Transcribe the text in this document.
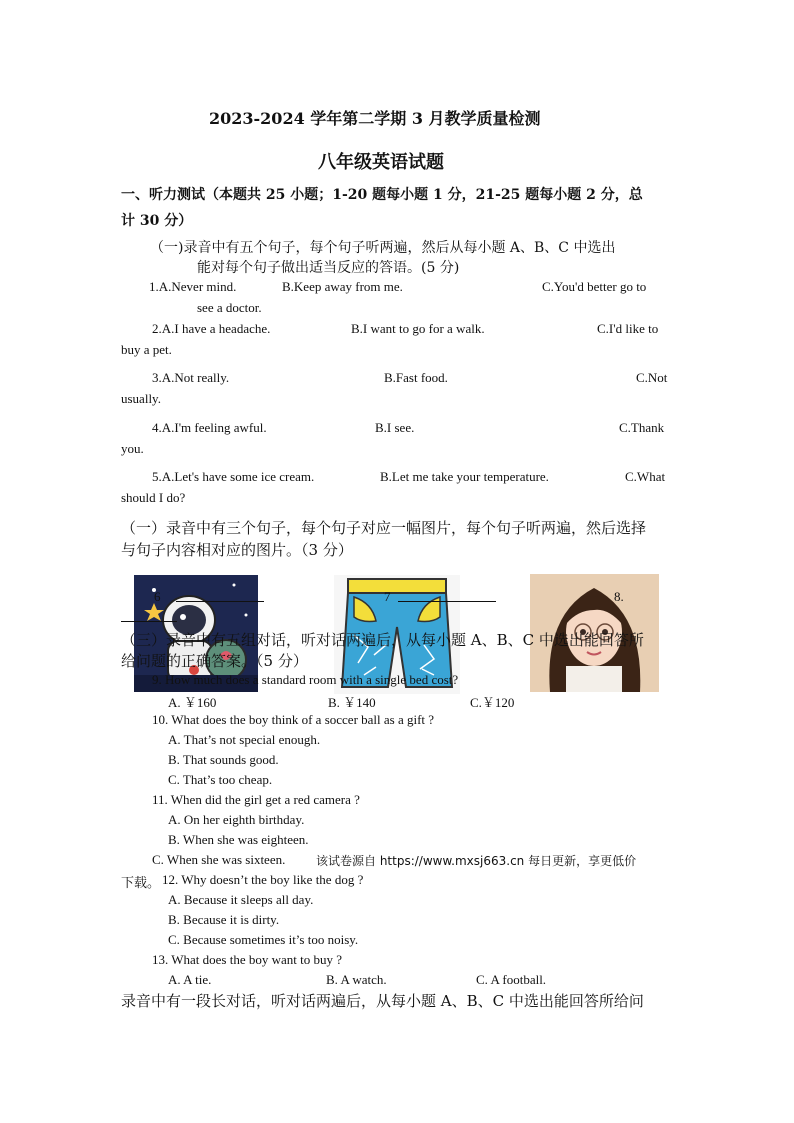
2023-2024 学年第二学期 3 月教学质量检测
八年级英语试题
一、听力测试（本题共 25 小题；1-20 题每小题 1 分，21-25 题每小题 2 分，总
计 30 分）
（一)录音中有五个句子，每个句子听两遍，然后从每小题 A、B、C 中选出
能对每个句子做出适当反应的答语。(5 分)
1.A.Never mind.	B.Keep away from me.	C.You'd better go to
see a doctor.
2.A.I have a headache.	B.I want to go for a walk.	C.I'd like to
buy a pet.
3.A.Not really.	B.Fast food.	C.Not
usually.
4.A.I'm feeling awful.	B.I see.	C.Thank
you.
5.A.Let's have some ice cream.	B.Let me take your temperature.	C.What
should I do?
（一）录音中有三个句子，每个句子对应一幅图片，每个句子听两遍，然后选择
与句子内容相对应的图片。（3 分）
6	7	8.
（三）录音中有五组对话，听对话两遍后，从每小题 A、B、C 中选出能回答所
给问题的正确答案。（5 分）
9. How much does a standard room with a single bed cost?
A. ￥160	B. ￥140	C.￥120
10. What does the boy think of a soccer ball as a gift ?
A. That’s not special enough.
B. That sounds good.
C. That’s too cheap.
11. When did the girl get a red camera ?
A. On her eighth birthday.
B. When she was eighteen.
C. When she was sixteen.	该试卷源自 https://www.mxsj663.cn 每日更新，享更低价
下载。 12. Why doesn’t the boy like the dog ?
A. Because it sleeps all day.
B. Because it is dirty.
C. Because sometimes it’s too noisy.
13. What does the boy want to buy ?
A. A tie.	B. A watch.	C. A football.
录音中有一段长对话，听对话两遍后，从每小题 A、B、C 中选出能回答所给问
